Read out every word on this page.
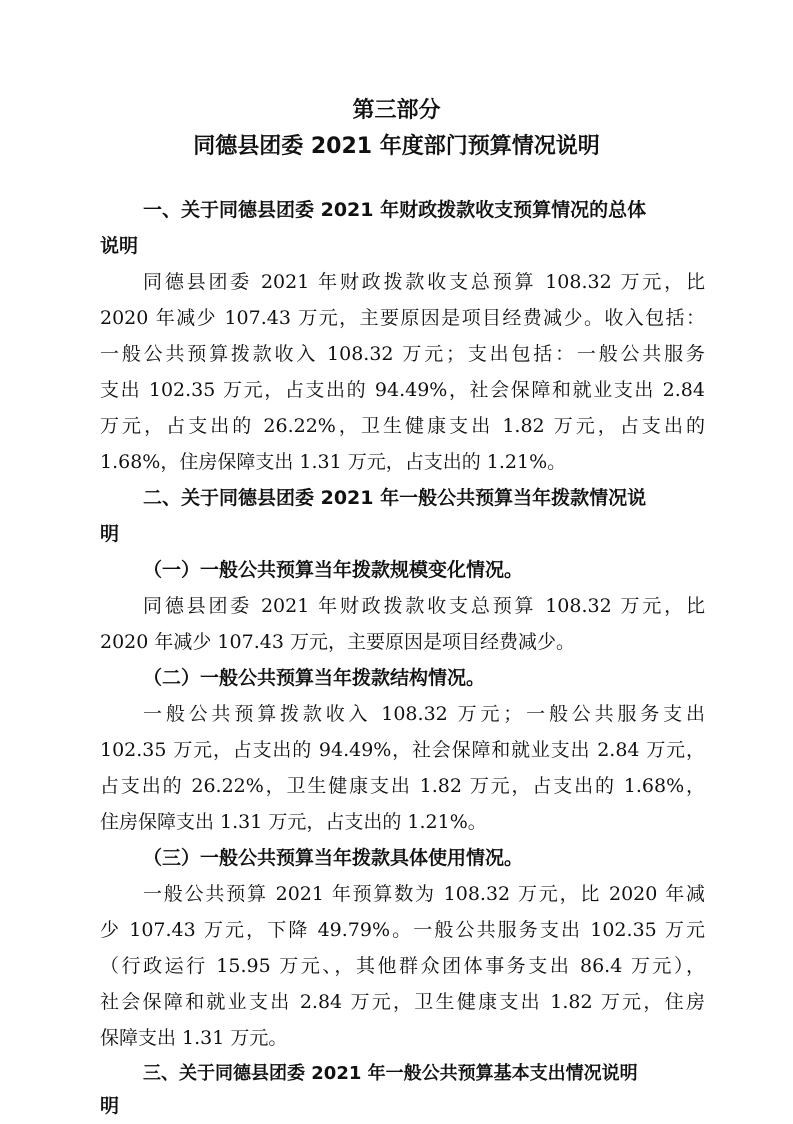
第三部分
同德县团委 2021 年度部门预算情况说明
一、关于同德县团委 2021 年财政拨款收支预算情况的总体
说明
同德县团委 2021 年财政拨款收支总预算 108.32 万元，比
2020 年减少 107.43 万元，主要原因是项目经费减少。收入包括：
一般公共预算拨款收入 108.32 万元；支出包括：一般公共服务
支出 102.35 万元，占支出的 94.49%，社会保障和就业支出 2.84
万元，占支出的 26.22%，卫生健康支出 1.82 万元，占支出的
1.68%，住房保障支出 1.31 万元，占支出的 1.21%。
二、关于同德县团委 2021 年一般公共预算当年拨款情况说
明
（一）一般公共预算当年拨款规模变化情况。
同德县团委 2021 年财政拨款收支总预算 108.32 万元，比
2020 年减少 107.43 万元，主要原因是项目经费减少。
（二）一般公共预算当年拨款结构情况。
一般公共预算拨款收入 108.32 万元；一般公共服务支出
102.35 万元，占支出的 94.49%，社会保障和就业支出 2.84 万元，
占支出的 26.22%，卫生健康支出 1.82 万元，占支出的 1.68%，
住房保障支出 1.31 万元，占支出的 1.21%。
（三）一般公共预算当年拨款具体使用情况。
一般公共预算 2021 年预算数为 108.32 万元，比 2020 年减
少 107.43 万元，下降 49.79%。一般公共服务支出 102.35 万元
（行政运行 15.95 万元、，其他群众团体事务支出 86.4 万元），
社会保障和就业支出 2.84 万元，卫生健康支出 1.82 万元，住房
保障支出 1.31 万元。
三、关于同德县团委 2021 年一般公共预算基本支出情况说明
明
